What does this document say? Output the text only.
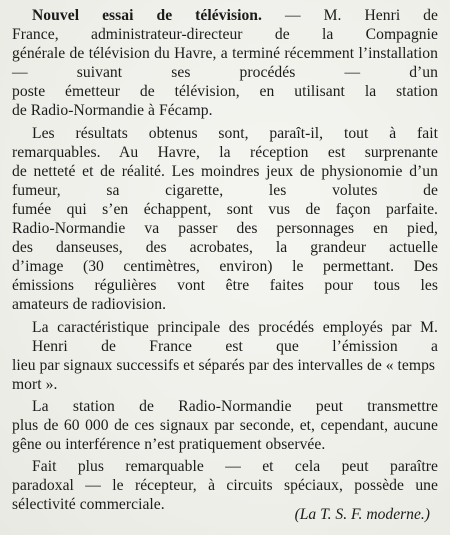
Nouvel essai de télévision. — M. Henri de
France, administrateur-directeur de la Compagnie
générale de télévision du Havre, a terminé récemment l’installation — suivant ses procédés — d’un
poste émetteur de télévision, en utilisant la station
de Radio-Normandie à Fécamp.
Les résultats obtenus sont, paraît-il, tout à fait
remarquables. Au Havre, la réception est surprenante
de netteté et de réalité. Les moindres jeux de physionomie d’un fumeur, sa cigarette, les volutes de
fumée qui s’en échappent, sont vus de façon parfaite.
Radio-Normandie va passer des personnages en pied,
des danseuses, des acrobates, la grandeur actuelle
d’image (30 centimètres, environ) le permettant. Des
émissions régulières vont être faites pour tous les
amateurs de radiovision.
La caractéristique principale des procédés employés par M. Henri de France est que l’émission a
lieu par signaux successifs et séparés par des intervalles de « temps mort ».
La station de Radio-Normandie peut transmettre
plus de 60 000 de ces signaux par seconde, et, cependant, aucune gêne ou interférence n’est pratiquement observée.
Fait plus remarquable — et cela peut paraître
paradoxal — le récepteur, à circuits spéciaux, possède une sélectivité commerciale.
(La T. S. F. moderne.)
